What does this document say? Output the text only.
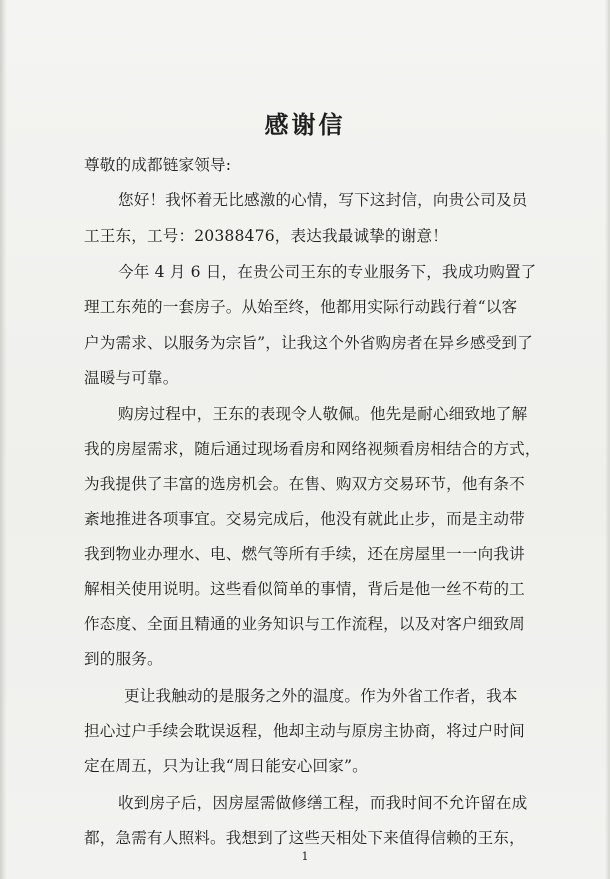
感谢信
尊敬的成都链家领导:
您好！我怀着无比感激的心情，写下这封信，向贵公司及员
工王东，工号：20388476，表达我最诚挚的谢意！
今年 4 月 6 日，在贵公司王东的专业服务下，我成功购置了
理工东苑的一套房子。从始至终，他都用实际行动践行着“以客
户为需求、以服务为宗旨”，让我这个外省购房者在异乡感受到了
温暖与可靠。
购房过程中，王东的表现令人敬佩。他先是耐心细致地了解
我的房屋需求，随后通过现场看房和网络视频看房相结合的方式，
为我提供了丰富的选房机会。在售、购双方交易环节，他有条不
紊地推进各项事宜。交易完成后，他没有就此止步，而是主动带
我到物业办理水、电、燃气等所有手续，还在房屋里一一向我讲
解相关使用说明。这些看似简单的事情，背后是他一丝不苟的工
作态度、全面且精通的业务知识与工作流程，以及对客户细致周
到的服务。
更让我触动的是服务之外的温度。作为外省工作者，我本
担心过户手续会耽误返程，他却主动与原房主协商，将过户时间
定在周五，只为让我“周日能安心回家”。
收到房子后，因房屋需做修缮工程，而我时间不允许留在成
都，急需有人照料。我想到了这些天相处下来值得信赖的王东，
1
